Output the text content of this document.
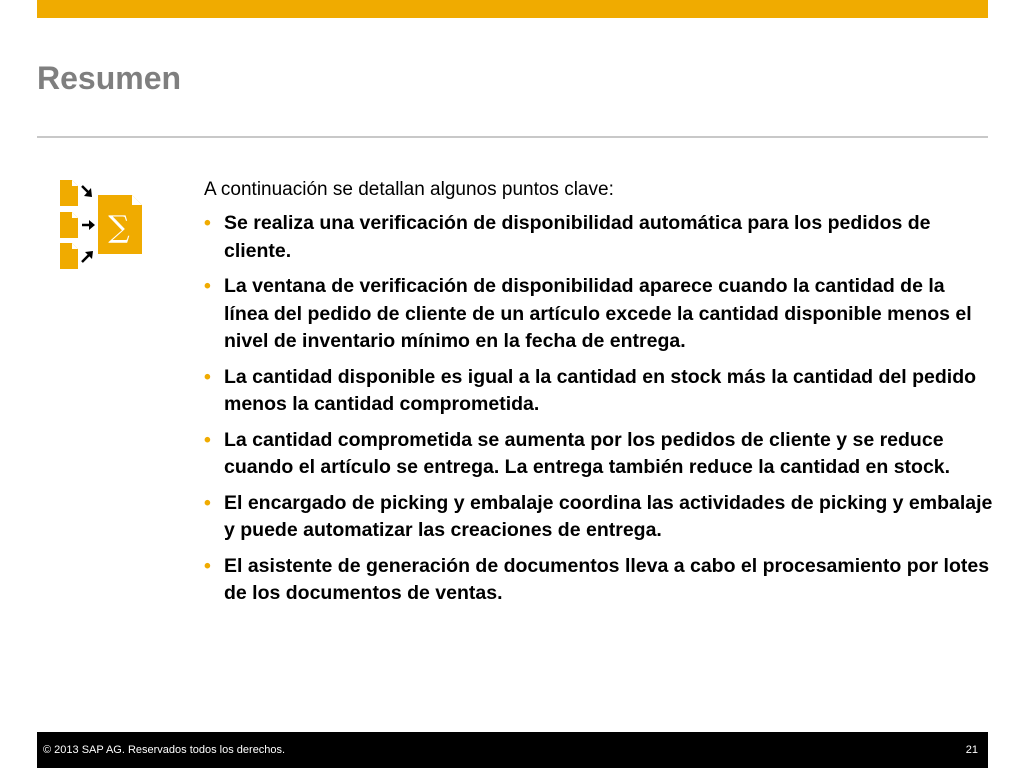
Resumen
∑

A continuación se detallan algunos puntos clave:

• Se realiza una verificación de disponibilidad automática para los pedidos de cliente.
• La ventana de verificación de disponibilidad aparece cuando la cantidad de la línea del pedido de cliente de un artículo excede la cantidad disponible menos el nivel de inventario mínimo en la fecha de entrega.
• La cantidad disponible es igual a la cantidad en stock más la cantidad del pedido menos la cantidad comprometida.
• La cantidad comprometida se aumenta por los pedidos de cliente y se reduce cuando el artículo se entrega. La entrega también reduce la cantidad en stock.
• El encargado de picking y embalaje coordina las actividades de picking y embalaje y puede automatizar las creaciones de entrega.
• El asistente de generación de documentos lleva a cabo el procesamiento por lotes de los documentos de ventas.
© 2013 SAP AG. Reservados todos los derechos.	21
